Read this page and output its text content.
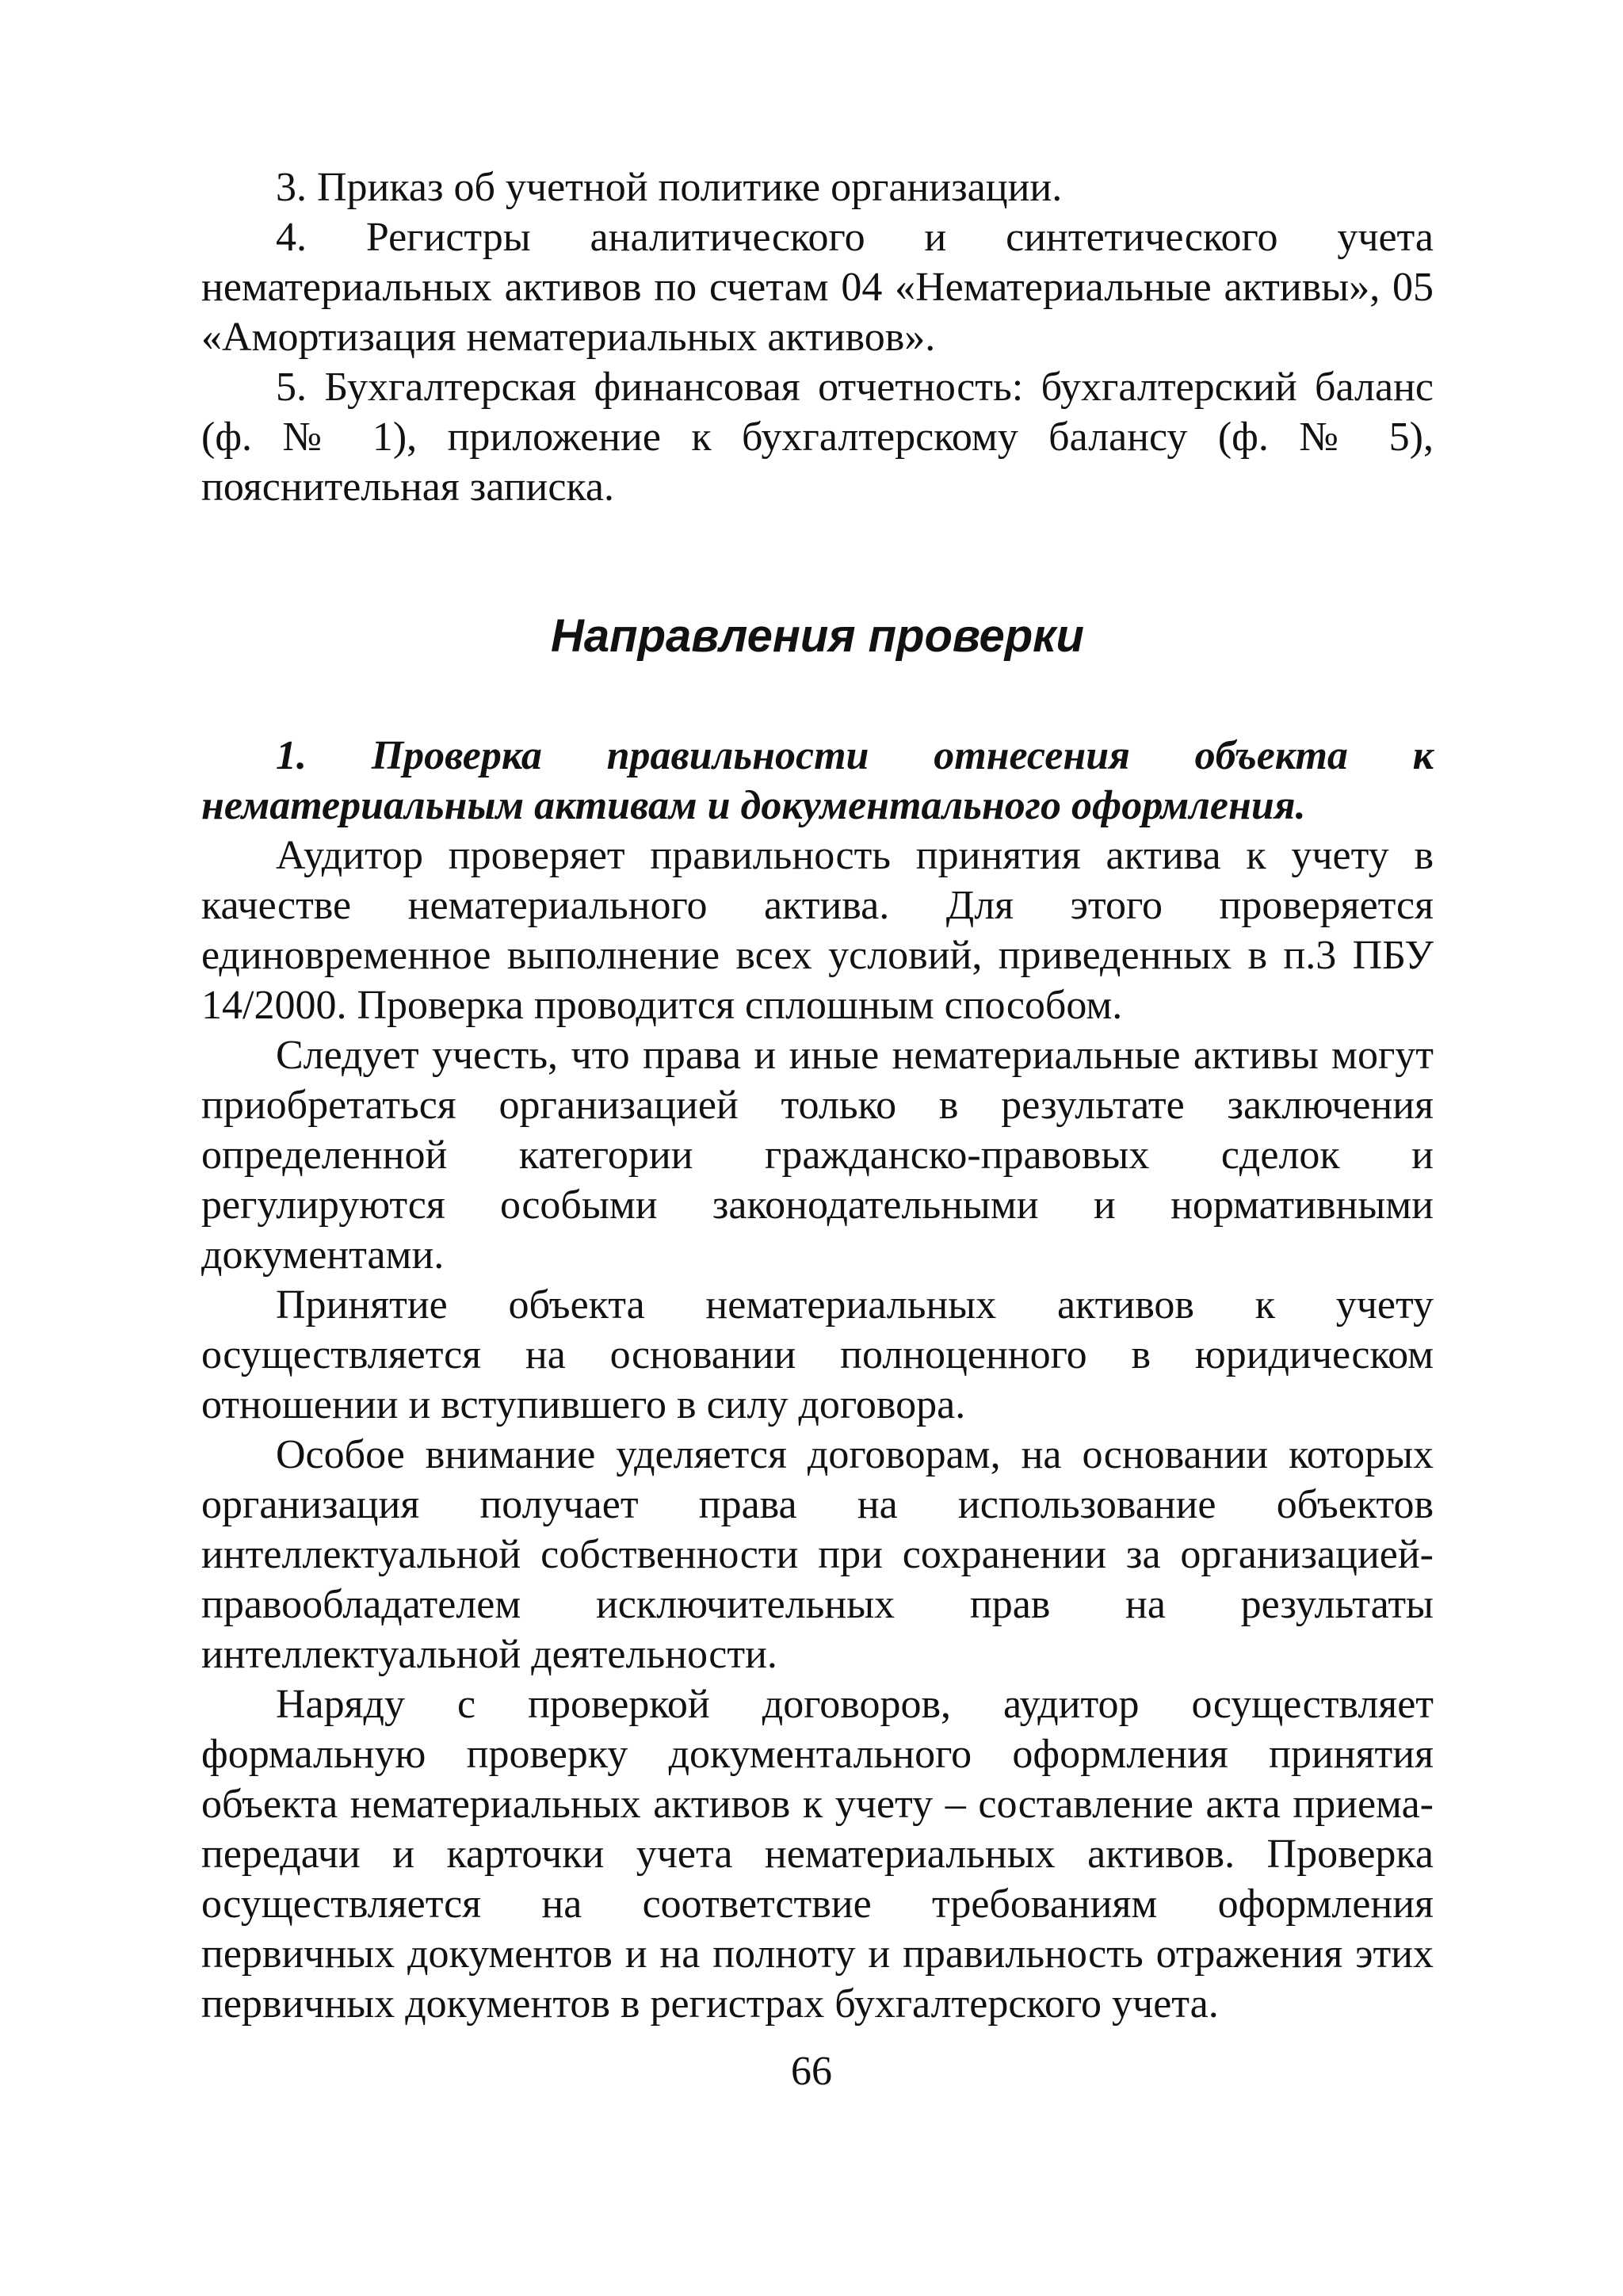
3. Приказ об учетной политике организации.

4. Регистры аналитического и синтетического учета нематериальных активов по счетам 04 «Нематериальные активы», 05 «Амортизация нематериальных активов».

5. Бухгалтерская финансовая отчетность: бухгалтерский баланс (ф. № 1), приложение к бухгалтерскому балансу (ф. № 5), пояснительная записка.

Направления проверки

1. Проверка правильности отнесения объекта к нематериальным активам и документального оформления.

Аудитор проверяет правильность принятия актива к учету в качестве нематериального актива. Для этого проверяется единовременное выполнение всех условий, приведенных в п.3 ПБУ 14/2000. Проверка проводится сплошным способом.

Следует учесть, что права и иные нематериальные активы могут приобретаться организацией только в результате заключения определенной категории гражданско-правовых сделок и регулируются особыми законодательными и нормативными документами.

Принятие объекта нематериальных активов к учету осуществляется на основании полноценного в юридическом отношении и вступившего в силу договора.

Особое внимание уделяется договорам, на основании которых организация получает права на использование объектов интеллектуальной собственности при сохранении за организацией-правообладателем исключительных прав на результаты интеллектуальной деятельности.

Наряду с проверкой договоров, аудитор осуществляет формальную проверку документального оформления принятия объекта нематериальных активов к учету – составление акта приема-передачи и карточки учета нематериальных активов. Проверка осуществляется на соответствие требованиям оформления первичных документов и на полноту и правильность отражения этих первичных документов в регистрах бухгалтерского учета.

66
